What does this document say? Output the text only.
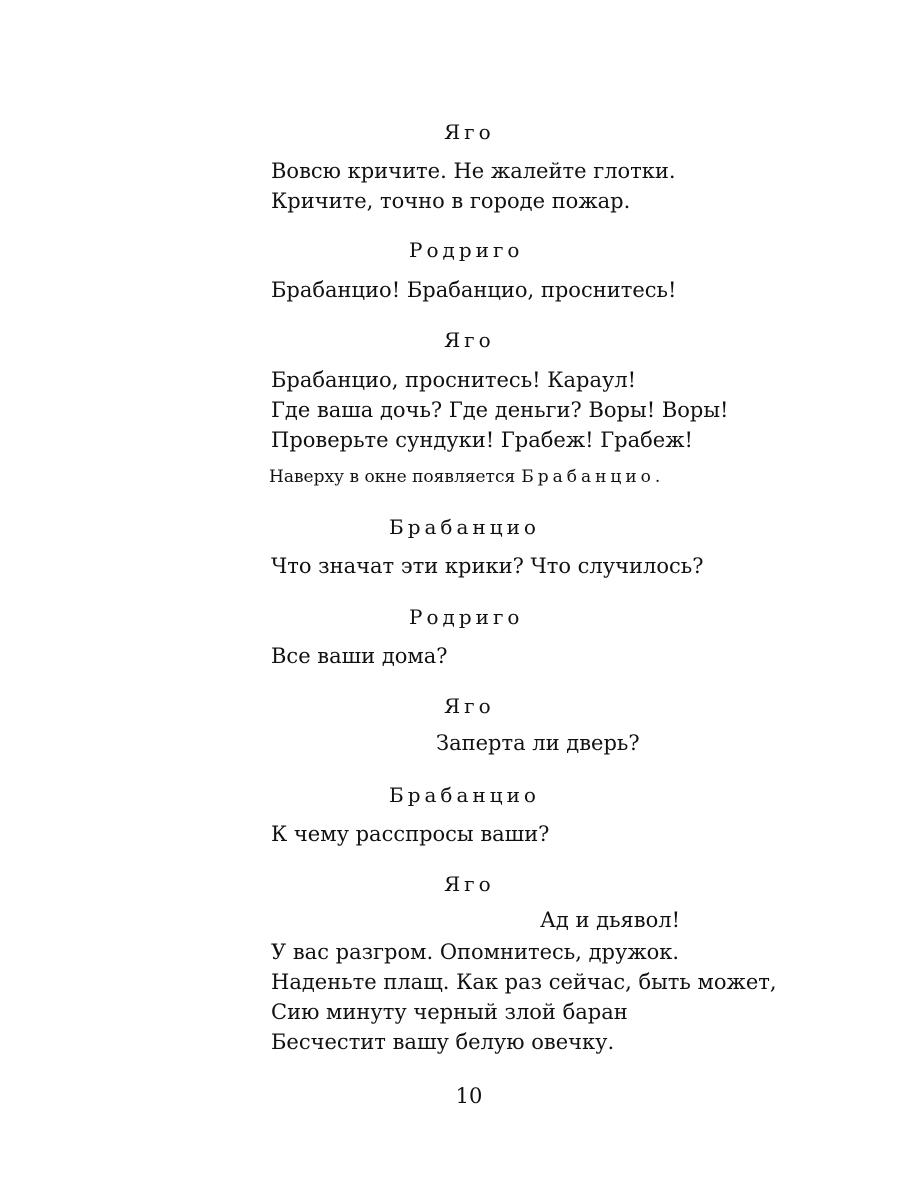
Яго
Вовсю кричите. Не жалейте глотки.
Кричите, точно в городе пожар.
Родриго
Брабанцио! Брабанцио, проснитесь!
Яго
Брабанцио, проснитесь! Караул!
Где ваша дочь? Где деньги? Воры! Воры!
Проверьте сундуки! Грабеж! Грабеж!
Наверху в окне появляется Брабанцио.
Брабанцио
Что значат эти крики? Что случилось?
Родриго
Все ваши дома?
Яго
Заперта ли дверь?
Брабанцио
К чему расспросы ваши?
Яго
Ад и дьявол!
У вас разгром. Опомнитесь, дружок.
Наденьте плащ. Как раз сейчас, быть может,
Сию минуту черный злой баран
Бесчестит вашу белую овечку.
10
